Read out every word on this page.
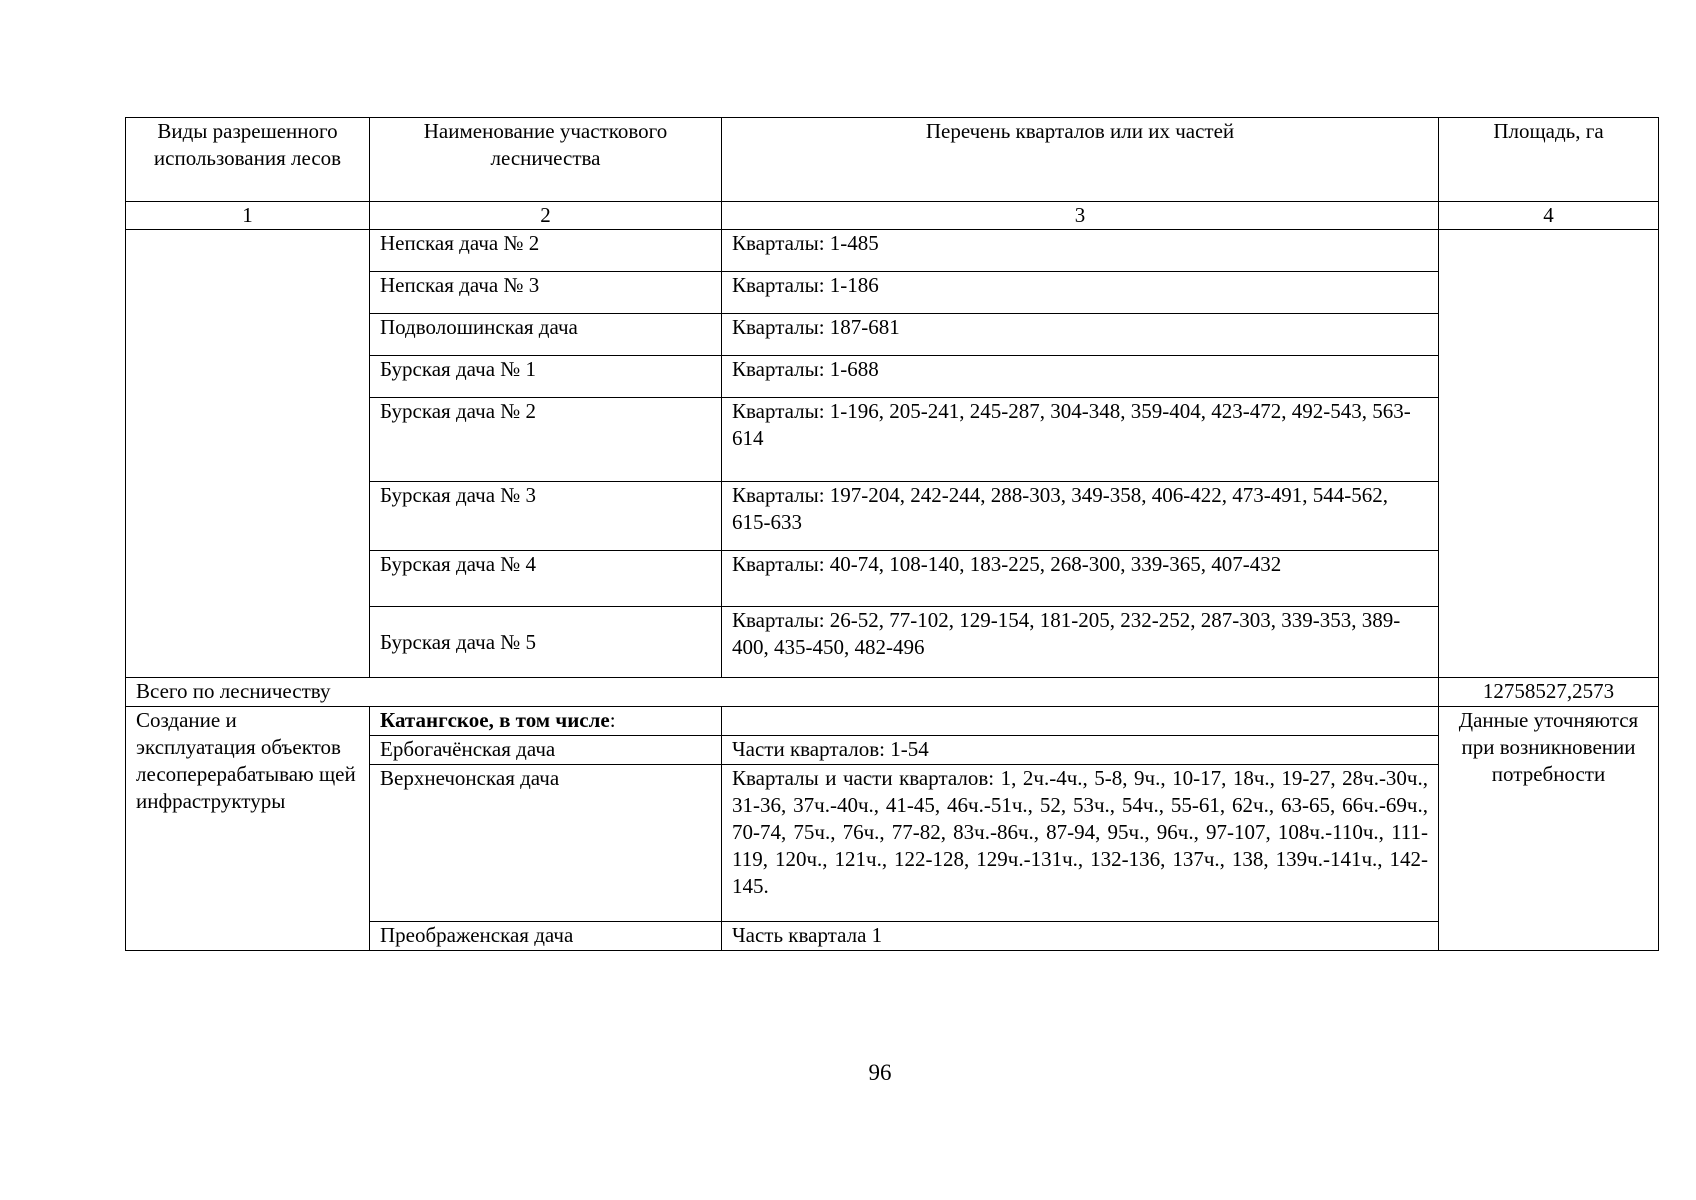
Виды разрешенного использования лесов	Наименование участкового лесничества	Перечень кварталов или их частей	Площадь, га
1	2	3	4
	Непская дача № 2	Кварталы: 1-485	
	Непская дача № 3	Кварталы: 1-186	
	Подволошинская дача	Кварталы: 187-681	
	Бурская дача № 1	Кварталы: 1-688	
	Бурская дача № 2	Кварталы: 1-196, 205-241, 245-287, 304-348, 359-404, 423-472, 492-543, 563-614	
	Бурская дача № 3	Кварталы: 197-204, 242-244, 288-303, 349-358, 406-422, 473-491, 544-562, 615-633	
	Бурская дача № 4	Кварталы: 40-74, 108-140, 183-225, 268-300, 339-365, 407-432	
	Бурская дача № 5	Кварталы: 26-52, 77-102, 129-154, 181-205, 232-252, 287-303, 339-353, 389-400, 435-450, 482-496	
Всего по лесничеству			12758527,2573
Создание и эксплуатация объектов лесоперерабатываю щей инфраструктуры	Катангское, в том числе:		Данные уточняются при возникновении потребности
	Ербогачёнская дача	Части кварталов: 1-54	
	Верхнечонская дача	Кварталы и части кварталов: 1, 2ч.-4ч., 5-8, 9ч., 10-17, 18ч., 19-27, 28ч.-30ч., 31-36, 37ч.-40ч., 41-45, 46ч.-51ч., 52, 53ч., 54ч., 55-61, 62ч., 63-65, 66ч.-69ч., 70-74, 75ч., 76ч., 77-82, 83ч.-86ч., 87-94, 95ч., 96ч., 97-107, 108ч.-110ч., 111-119, 120ч., 121ч., 122-128, 129ч.-131ч., 132-136, 137ч., 138, 139ч.-141ч., 142-145.	
	Преображенская дача	Часть квартала 1	
96
